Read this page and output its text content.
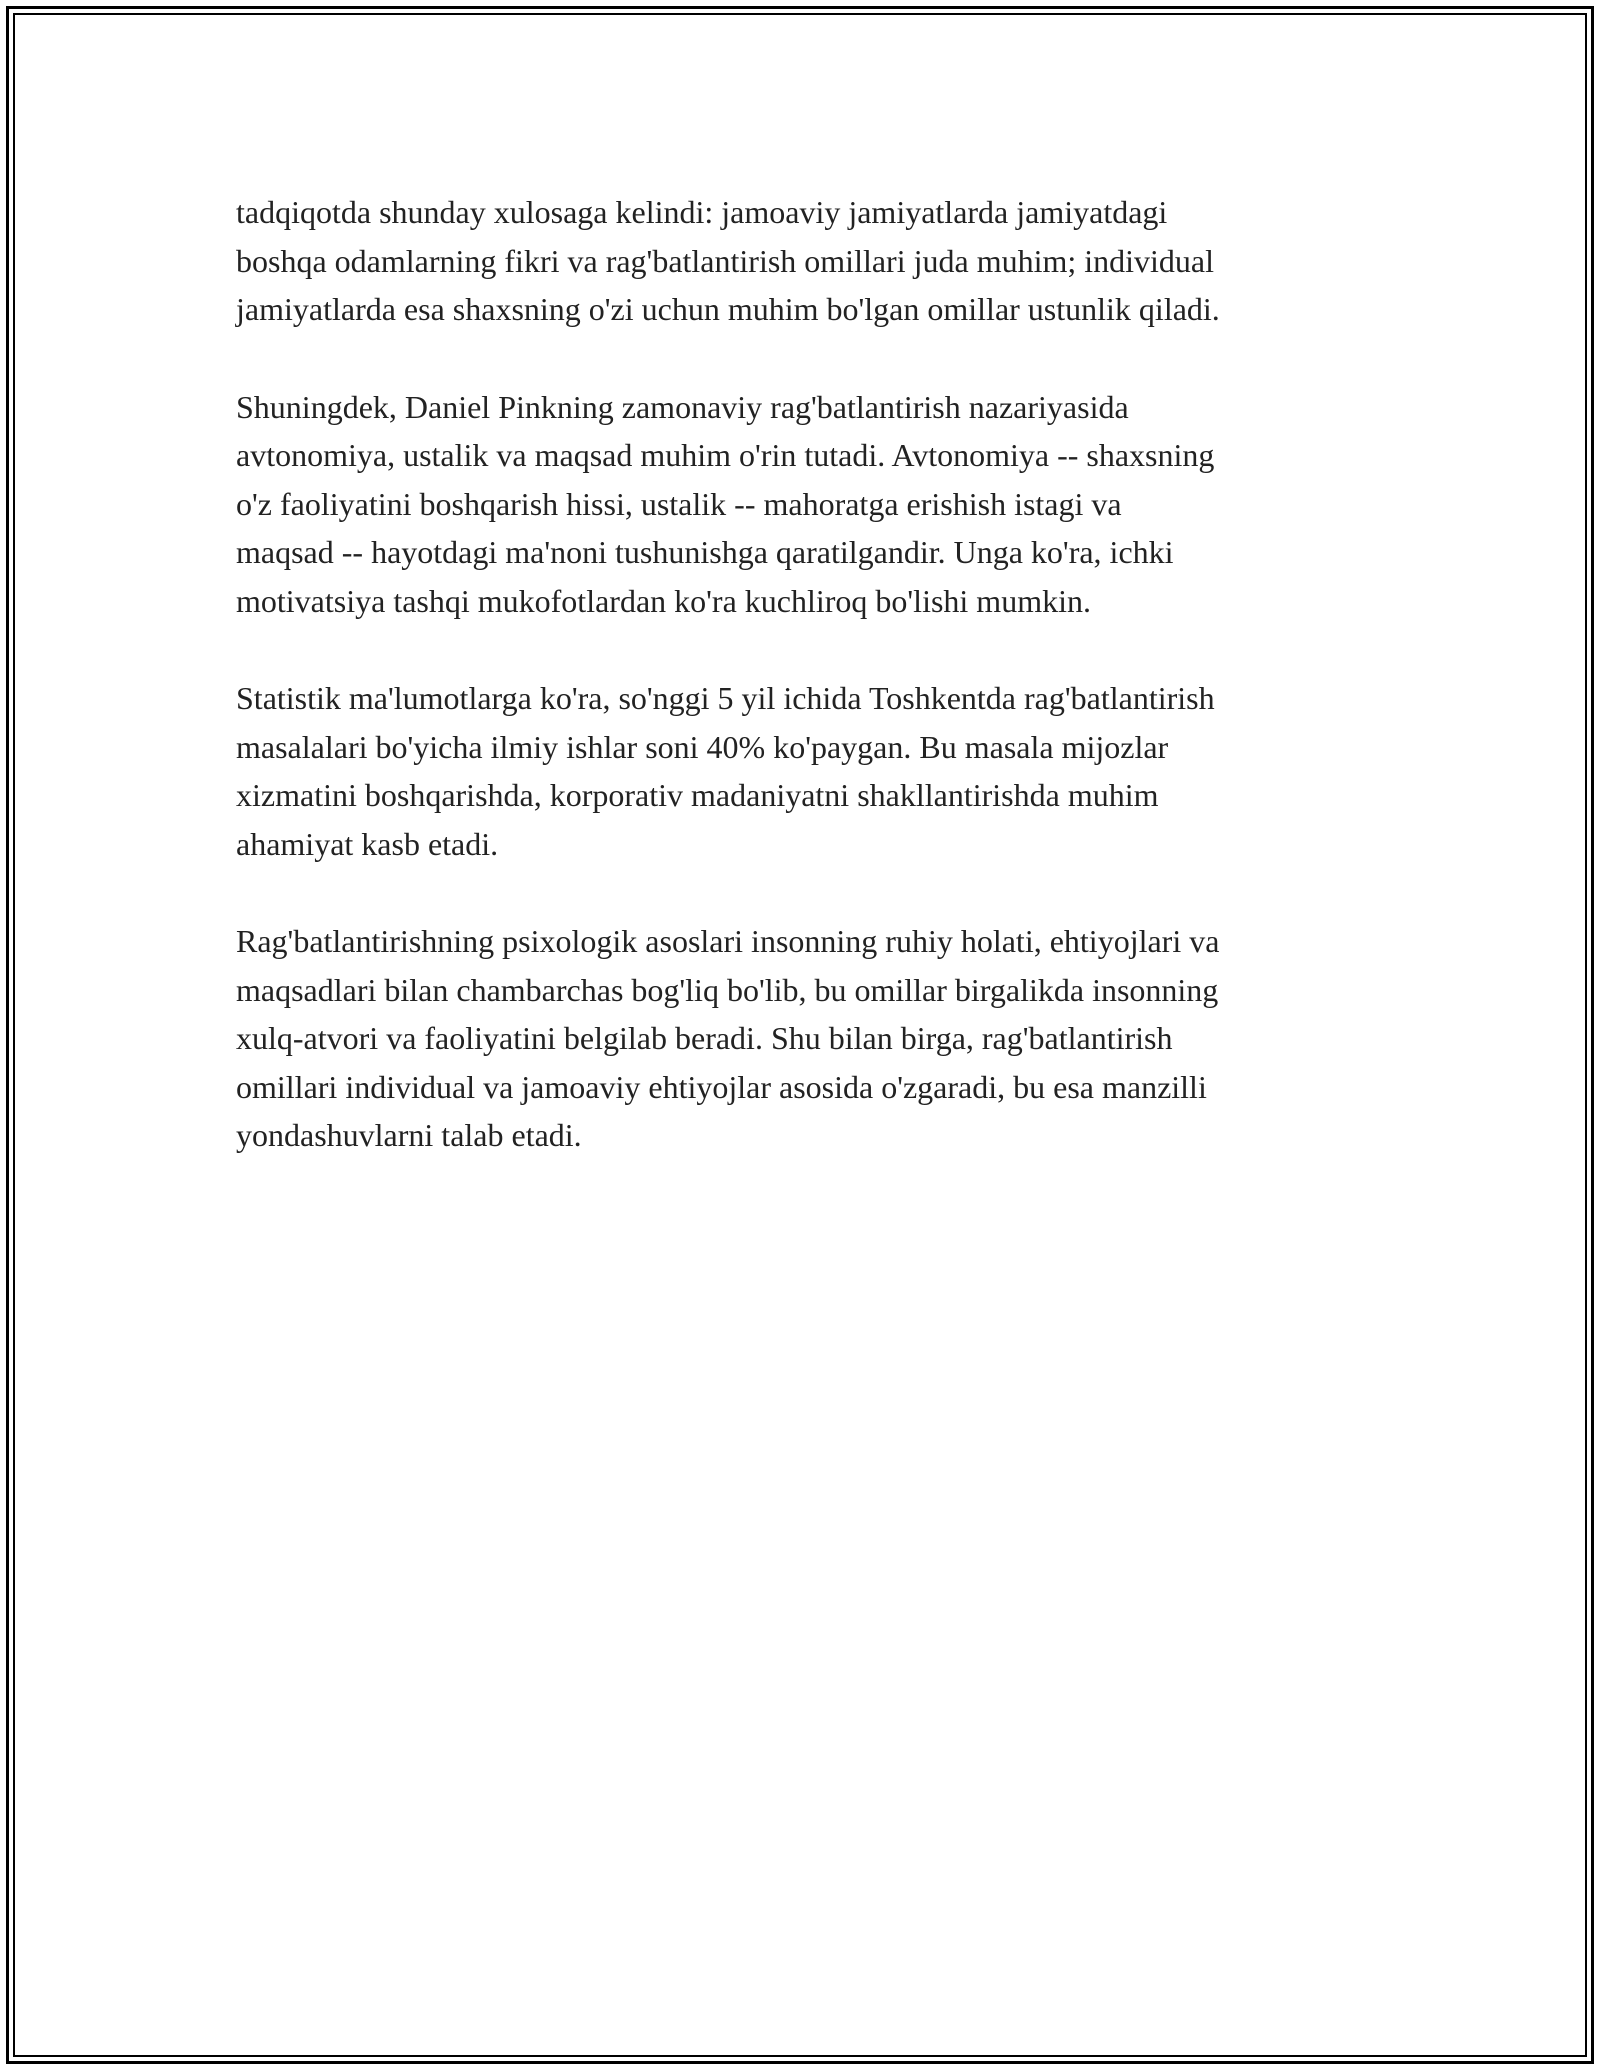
tadqiqotda shunday xulosaga kelindi: jamoaviy jamiyatlarda jamiyatdagi
boshqa odamlarning fikri va rag'batlantirish omillari juda muhim; individual
jamiyatlarda esa shaxsning o'zi uchun muhim bo'lgan omillar ustunlik qiladi.

Shuningdek, Daniel Pinkning zamonaviy rag'batlantirish nazariyasida
avtonomiya, ustalik va maqsad muhim o'rin tutadi. Avtonomiya -- shaxsning
o'z faoliyatini boshqarish hissi, ustalik -- mahoratga erishish istagi va
maqsad -- hayotdagi ma'noni tushunishga qaratilgandir. Unga ko'ra, ichki
motivatsiya tashqi mukofotlardan ko'ra kuchliroq bo'lishi mumkin.

Statistik ma'lumotlarga ko'ra, so'nggi 5 yil ichida Toshkentda rag'batlantirish
masalalari bo'yicha ilmiy ishlar soni 40% ko'paygan. Bu masala mijozlar
xizmatini boshqarishda, korporativ madaniyatni shakllantirishda muhim
ahamiyat kasb etadi.

Rag'batlantirishning psixologik asoslari insonning ruhiy holati, ehtiyojlari va
maqsadlari bilan chambarchas bog'liq bo'lib, bu omillar birgalikda insonning
xulq-atvori va faoliyatini belgilab beradi. Shu bilan birga, rag'batlantirish
omillari individual va jamoaviy ehtiyojlar asosida o'zgaradi, bu esa manzilli
yondashuvlarni talab etadi.
